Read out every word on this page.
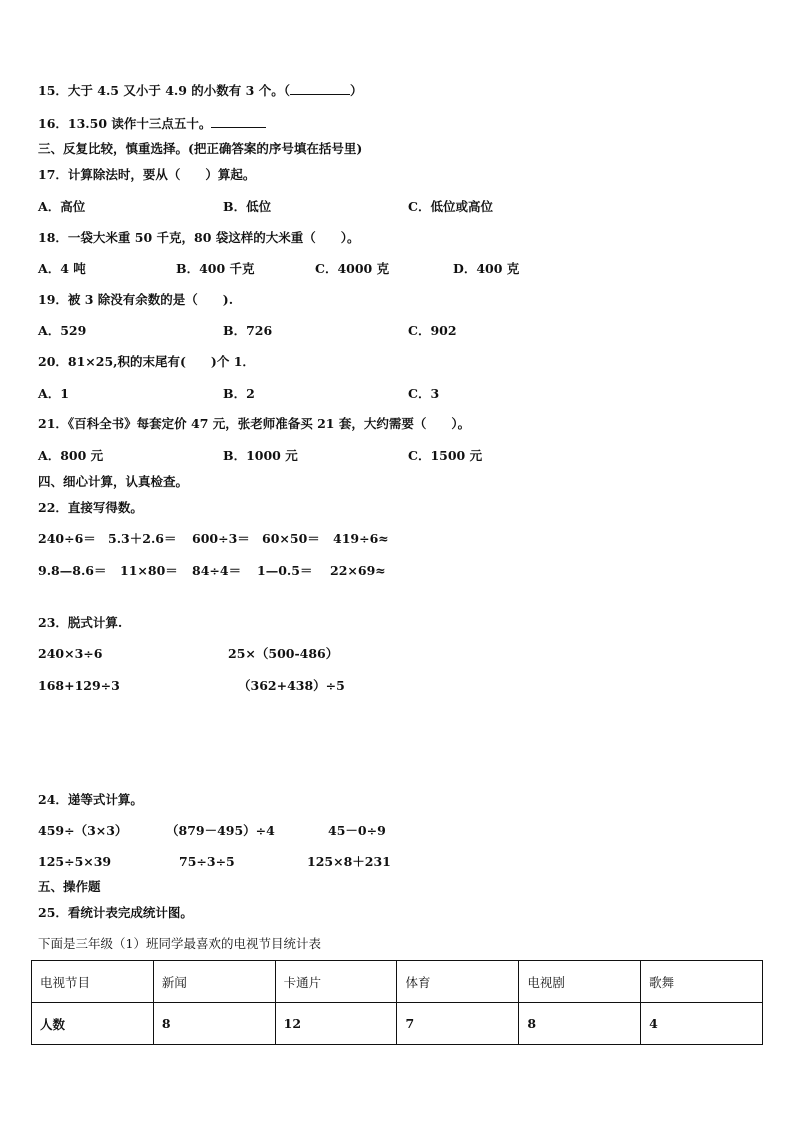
15．大于 4.5 又小于 4.9 的小数有 3 个。（	）
16．13.50 读作十三点五十。
三、反复比较，慎重选择。(把正确答案的序号填在括号里)
17．计算除法时，要从（　　）算起。
A．高位	B．低位	C．低位或高位
18．一袋大米重 50 千克，80 袋这样的大米重（　　）。
A．4 吨	B．400 千克	C．4000 克	D．400 克
19．被 3 除没有余数的是（　　).
A．529	B．726	C．902
20．81×25,积的末尾有(　　)个 1．
A．1	B．2	C．3
21．《百科全书》每套定价 47 元，张老师准备买 21 套，大约需要（　　）。
A．800 元	B．1000 元	C．1500 元
四、细心计算，认真检查。
22．直接写得数。
240÷6＝ 5.3＋2.6＝ 600÷3＝ 60×50＝ 419÷6≈
9.8—8.6＝ 11×80＝ 84÷4＝ 1—0.5＝ 22×69≈
23．脱式计算.
240×3÷6	25×（500-486）
168+129÷3	（362+438）÷5
24．递等式计算。
459÷（3×3）	（879－495）÷4	45－0÷9
125÷5×39	75÷3÷5	125×8＋231
五、操作题
25．看统计表完成统计图。
下面是三年级（1）班同学最喜欢的电视节目统计表
电视节目	新闻	卡通片	体育	电视剧	歌舞
人数	8	12	7	8	4
